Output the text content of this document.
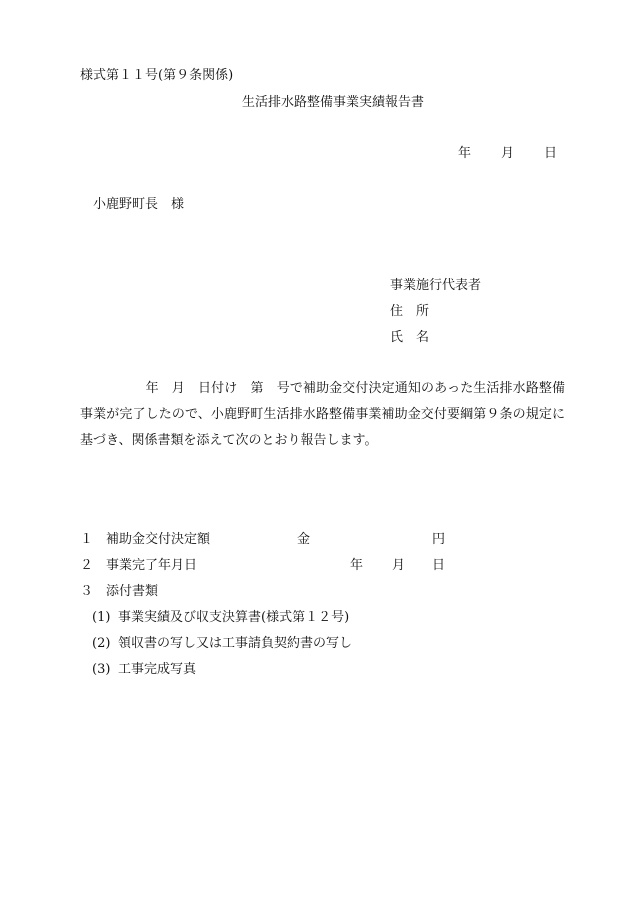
様式第１１号(第９条関係)
生活排水路整備事業実績報告書
年 月 日
小鹿野町長　様
事業施行代表者
住　所
氏　名
　　　　　年　月　日付け　第　号で補助金交付決定通知のあった生活排水路整備事業が完了したので、小鹿野町生活排水路整備事業補助金交付要綱第９条の規定に基づき、関係書類を添えて次のとおり報告します。
１ 補助金交付決定額	金	円
２ 事業完了年月日	年 月 日
３ 添付書類
(1) 事業実績及び収支決算書(様式第１２号)
(2) 領収書の写し又は工事請負契約書の写し
(3) 工事完成写真
